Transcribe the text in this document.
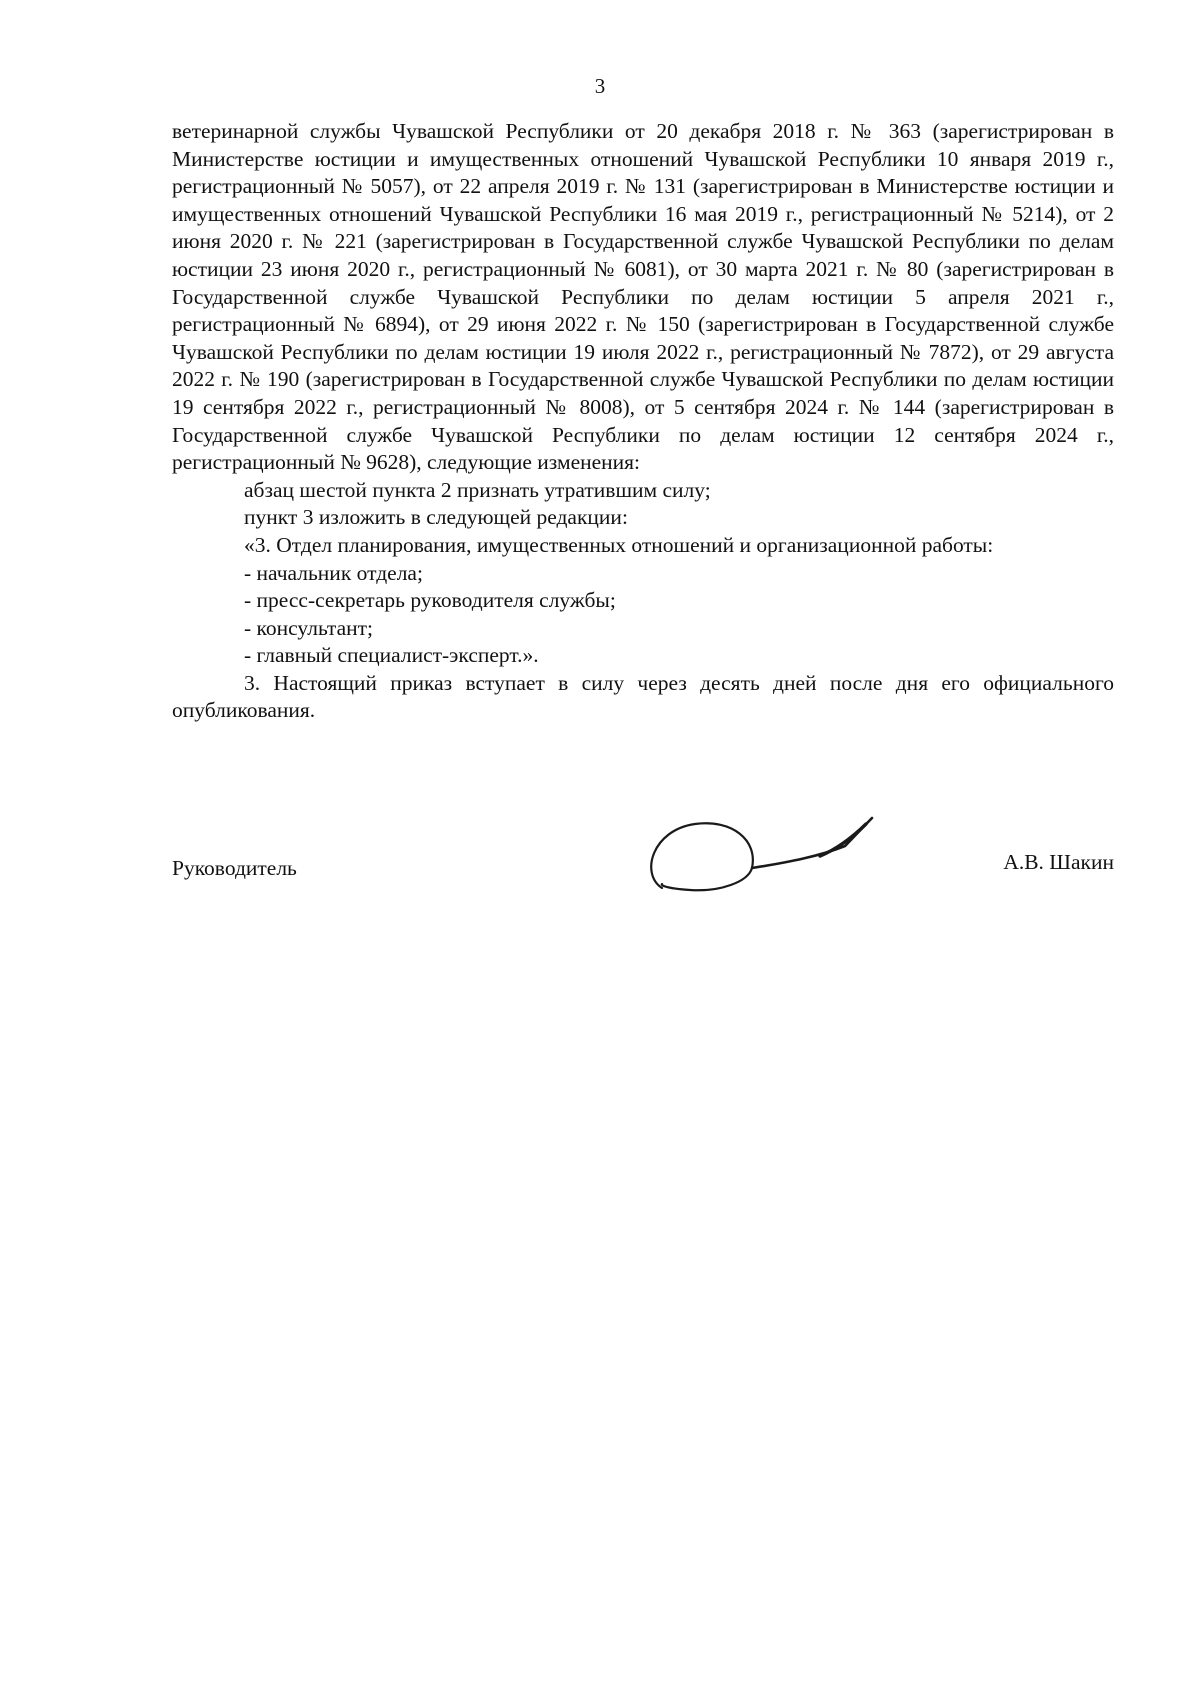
3

ветеринарной службы Чувашской Республики от 20 декабря 2018 г. № 363 (зарегистрирован в Министерстве юстиции и имущественных отношений Чувашской Республики 10 января 2019 г., регистрационный № 5057), от 22 апреля 2019 г. № 131 (зарегистрирован в Министерстве юстиции и имущественных отношений Чувашской Республики 16 мая 2019 г., регистрационный № 5214), от 2 июня 2020 г. № 221 (зарегистрирован в Государственной службе Чувашской Республики по делам юстиции 23 июня 2020 г., регистрационный № 6081), от 30 марта 2021 г. № 80 (зарегистрирован в Государственной службе Чувашской Республики по делам юстиции 5 апреля 2021 г., регистрационный № 6894), от 29 июня 2022 г. № 150 (зарегистрирован в Государственной службе Чувашской Республики по делам юстиции 19 июля 2022 г., регистрационный № 7872), от 29 августа 2022 г. № 190 (зарегистрирован в Государственной службе Чувашской Республики по делам юстиции 19 сентября 2022 г., регистрационный № 8008), от 5 сентября 2024 г. № 144 (зарегистрирован в Государственной службе Чувашской Республики по делам юстиции 12 сентября 2024 г., регистрационный № 9628), следующие изменения:

абзац шестой пункта 2 признать утратившим силу;

пункт 3 изложить в следующей редакции:

«3. Отдел планирования, имущественных отношений и организационной работы:

- начальник отдела;

- пресс-секретарь руководителя службы;

- консультант;

- главный специалист-эксперт.».

3. Настоящий приказ вступает в силу через десять дней после дня его официального опубликования.

Руководитель	А.В. Шакин
